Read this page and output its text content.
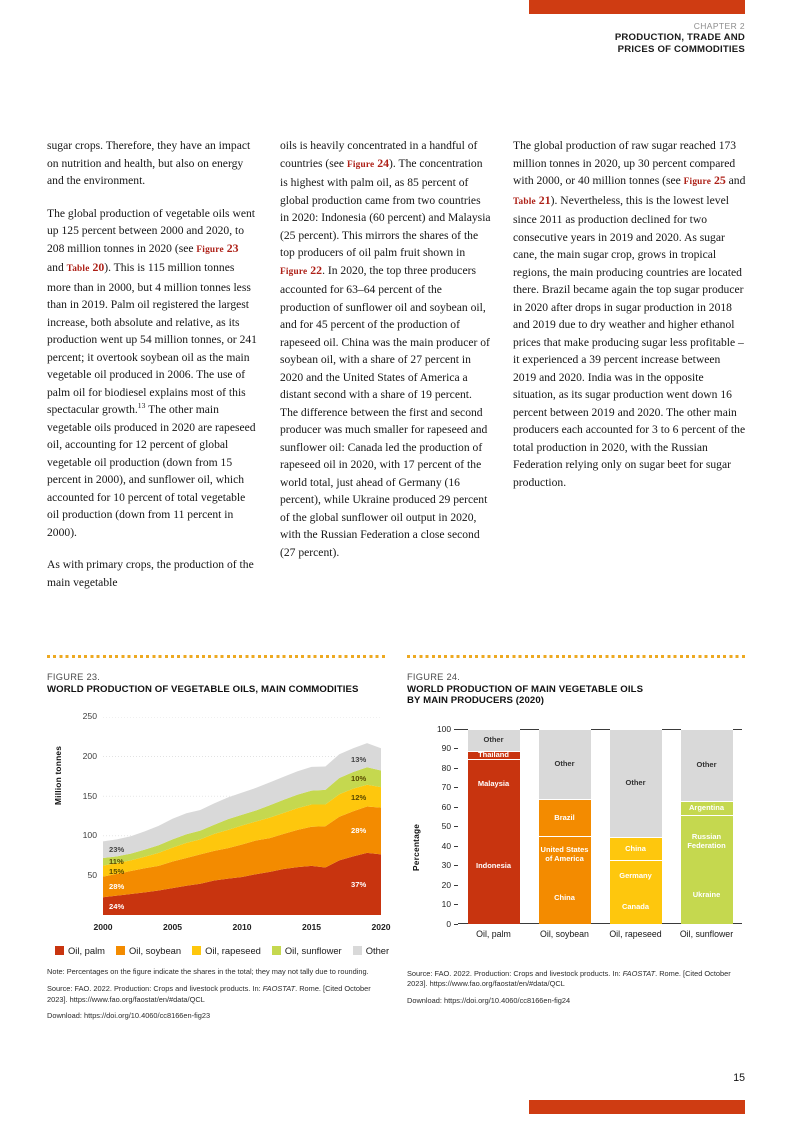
CHAPTER 2
PRODUCTION, TRADE AND
PRICES OF COMMODITIES

sugar crops. Therefore, they have an impact on nutrition and health, but also on energy and the environment.

The global production of vegetable oils went up 125 percent between 2000 and 2020, to 208 million tonnes in 2020 (see Figure 23 and Table 20). This is 115 million tonnes more than in 2000, but 4 million tonnes less than in 2019. Palm oil registered the largest increase, both absolute and relative, as its production went up 54 million tonnes, or 241 percent; it overtook soybean oil as the main vegetable oil produced in 2006. The use of palm oil for biodiesel explains most of this spectacular growth.$^{13}$ The other main vegetable oils produced in 2020 are rapeseed oil, accounting for 12 percent of global vegetable oil production (down from 15 percent in 2000), and sunflower oil, which accounted for 10 percent of total vegetable oil production (down from 11 percent in 2000).

As with primary crops, the production of the main vegetable

oils is heavily concentrated in a handful of countries (see Figure 24). The concentration is highest with palm oil, as 85 percent of global production came from two countries in 2020: Indonesia (60 percent) and Malaysia (25 percent). This mirrors the shares of the top producers of oil palm fruit shown in Figure 22. In 2020, the top three producers accounted for 63–64 percent of the production of sunflower oil and soybean oil, and for 45 percent of the production of rapeseed oil. China was the main producer of soybean oil, with a share of 27 percent in 2020 and the United States of America a distant second with a share of 19 percent. The difference between the first and second producer was much smaller for rapeseed and sunflower oil: Canada led the production of rapeseed oil in 2020, with 17 percent of the world total, just ahead of Germany (16 percent), while Ukraine produced 29 percent of the global sunflower oil output in 2020, with the Russian Federation a close second (27 percent).

The global production of raw sugar reached 173 million tonnes in 2020, up 30 percent compared with 2000, or 40 million tonnes (see Figure 25 and Table 21). Nevertheless, this is the lowest level since 2011 as production declined for two consecutive years in 2019 and 2020. As sugar cane, the main sugar crop, grows in tropical regions, the main producing countries are located there. Brazil became again the top sugar producer in 2020 after drops in sugar production in 2018 and 2019 due to dry weather and higher ethanol prices that make producing sugar less profitable – it experienced a 39 percent increase between 2019 and 2020. India was in the opposite situation, as its sugar production went down 16 percent between 2019 and 2020. The other main producers each accounted for 3 to 6 percent of the total production in 2020, with the Russian Federation relying only on sugar beet for sugar production.

FIGURE 23.
WORLD PRODUCTION OF VEGETABLE OILS, MAIN COMMODITIES
Million tonnes
50
100
150
200
250
2000	2005	2010	2015	2020
24%
28%
15%
11%
23%
37%
28%
12%
10%
13%
Oil, palm	Oil, soybean	Oil, rapeseed	Oil, sunflower	Other
Note: Percentages on the figure indicate the shares in the total; they may not tally due to rounding.
Source: FAO. 2022. Production: Crops and livestock products. In: FAOSTAT. Rome. [Cited October 2023]. https://www.fao.org/faostat/en/#data/QCL
Download: https://doi.org/10.4060/cc8166en-fig23
FIGURE 24.
WORLD PRODUCTION OF MAIN VEGETABLE OILS
BY MAIN PRODUCERS (2020)
Percentage
0
10
20
30
40
50
60
70
80
90
100
Indonesia
Malaysia
Thailand
Other
China
United States of America
Brazil
Other
Canada
Germany
China
Other
Ukraine
Russian Federation
Argentina
Other
Oil, palm	Oil, soybean	Oil, rapeseed	Oil, sunflower
Source: FAO. 2022. Production: Crops and livestock products. In: FAOSTAT. Rome. [Cited October 2023]. https://www.fao.org/faostat/en/#data/QCL
Download: https://doi.org/10.4060/cc8166en-fig24
15
